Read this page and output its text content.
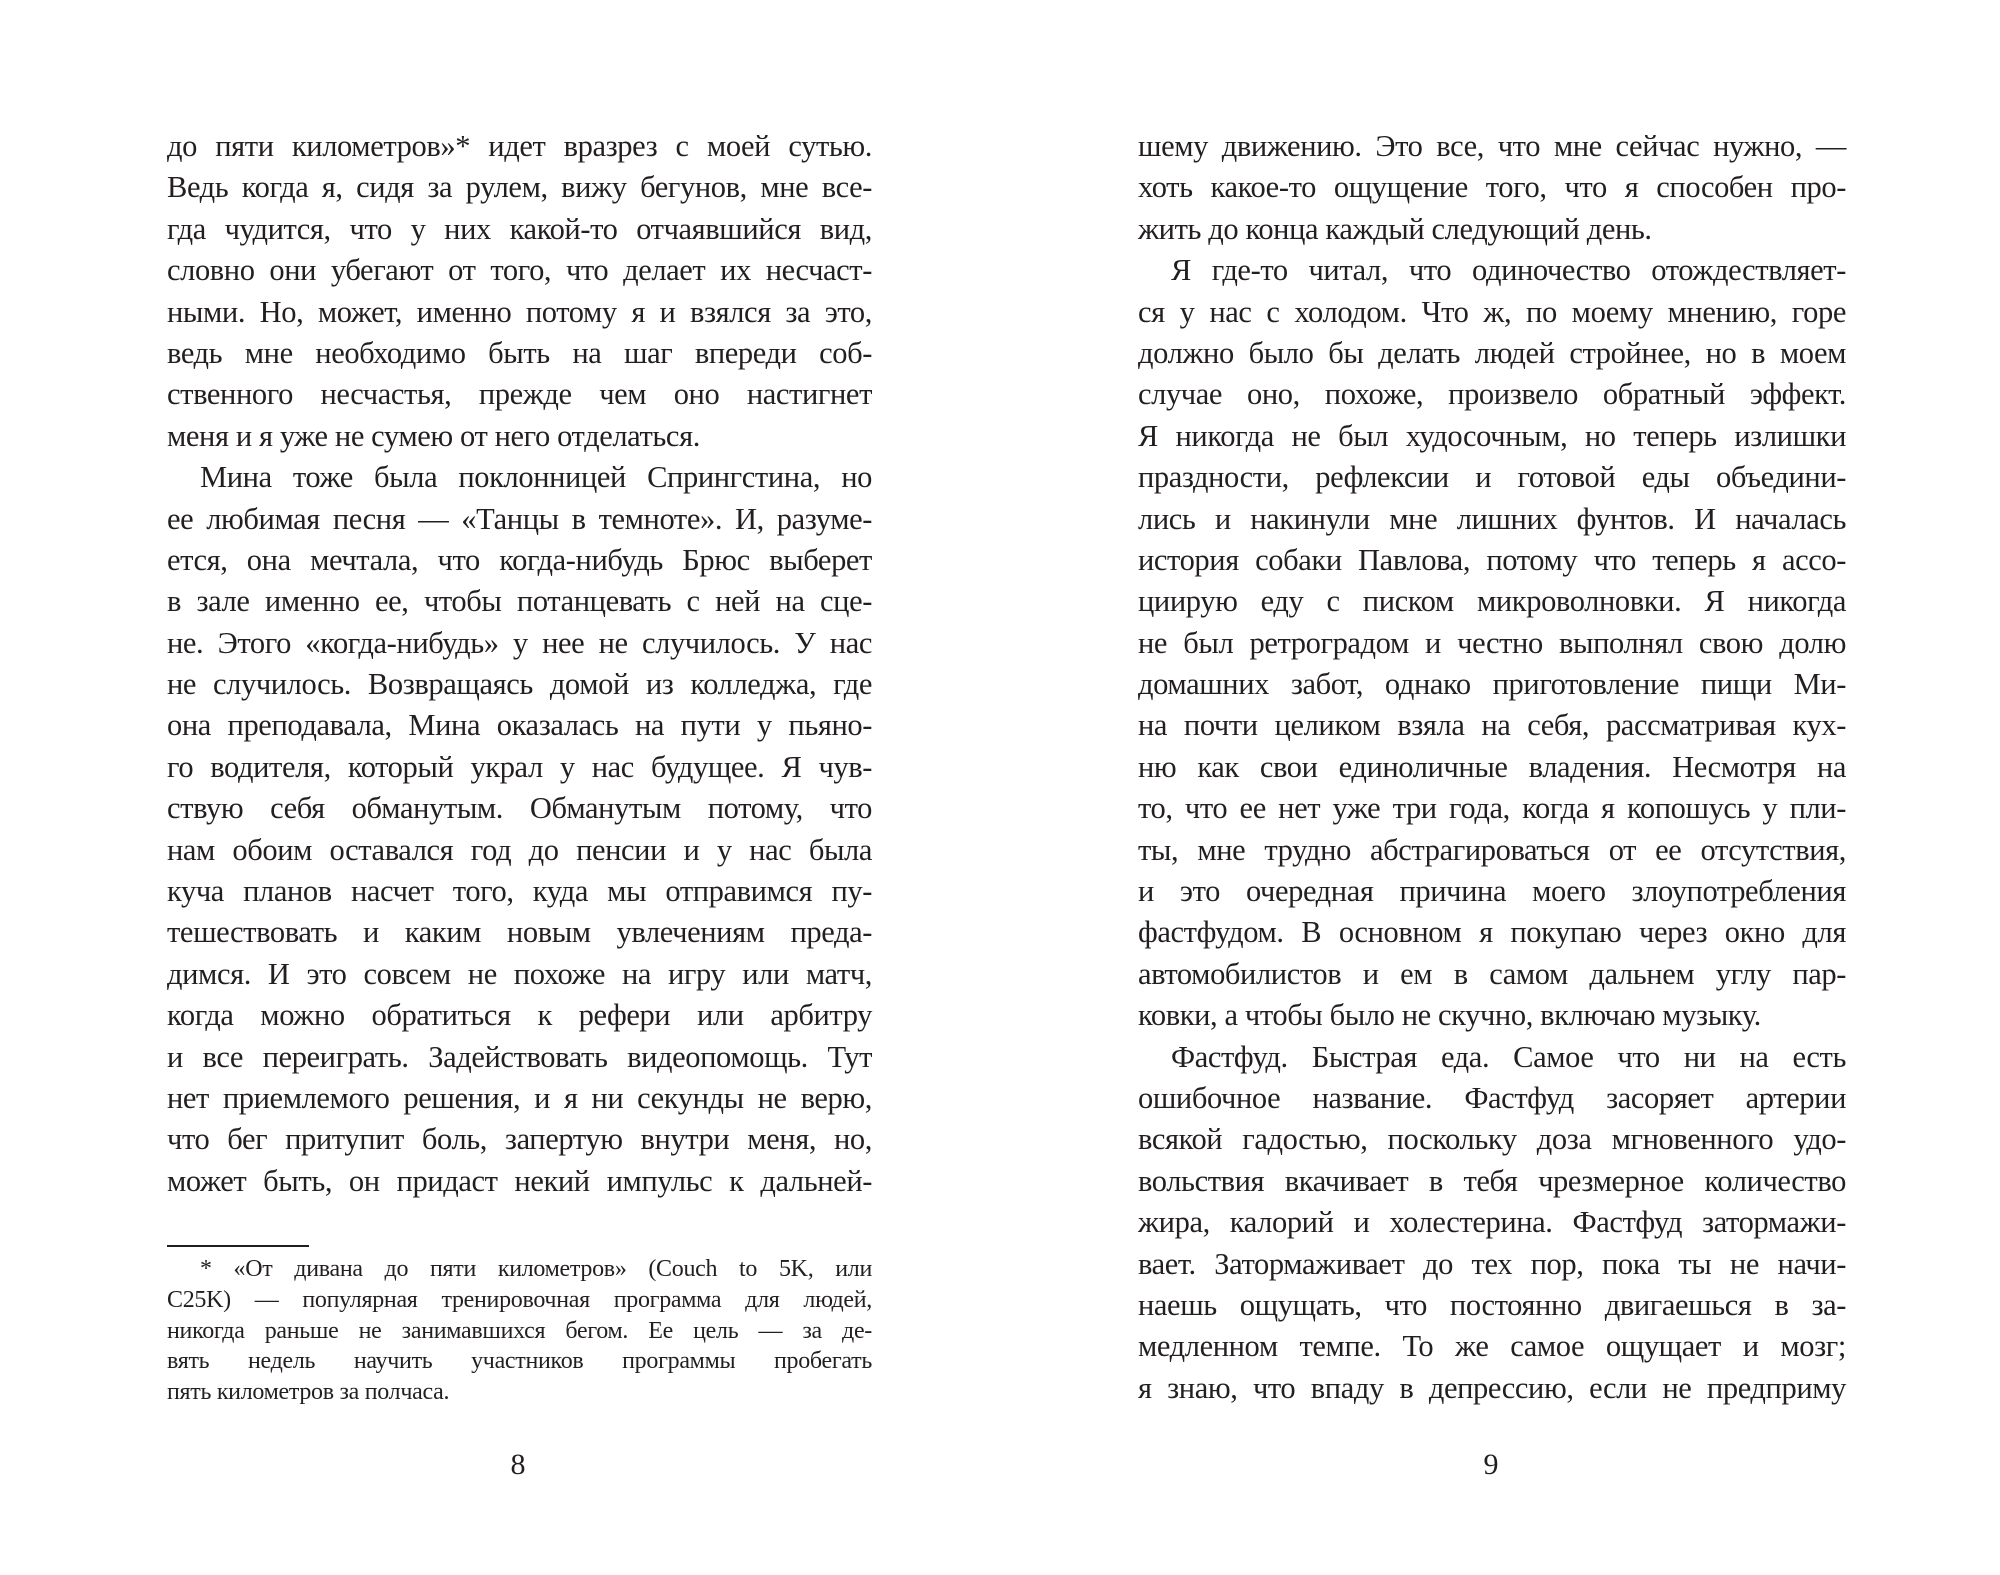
до пяти километров»* идет вразрез с моей сутью.
Ведь когда я, сидя за рулем, вижу бегунов, мне все-
гда чудится, что у них какой-то отчаявшийся вид,
словно они убегают от того, что делает их несчаст-
ными. Но, может, именно потому я и взялся за это,
ведь мне необходимо быть на шаг впереди соб-
ственного несчастья, прежде чем оно настигнет
меня и я уже не сумею от него отделаться.
Мина тоже была поклонницей Спрингстина, но
ее любимая песня — «Танцы в темноте». И, разуме-
ется, она мечтала, что когда-нибудь Брюс выберет
в зале именно ее, чтобы потанцевать с ней на сце-
не. Этого «когда-нибудь» у нее не случилось. У нас
не случилось. Возвращаясь домой из колледжа, где
она преподавала, Мина оказалась на пути у пьяно-
го водителя, который украл у нас будущее. Я чув-
ствую себя обманутым. Обманутым потому, что
нам обоим оставался год до пенсии и у нас была
куча планов насчет того, куда мы отправимся пу-
тешествовать и каким новым увлечениям преда-
димся. И это совсем не похоже на игру или матч,
когда можно обратиться к рефери или арбитру
и все переиграть. Задействовать видеопомощь. Тут
нет приемлемого решения, и я ни секунды не верю,
что бег притупит боль, запертую внутри меня, но,
может быть, он придаст некий импульс к дальней-
* «От дивана до пяти километров» (Couch to 5K, или
C25K) — популярная тренировочная программа для людей,
никогда раньше не занимавшихся бегом. Ее цель — за де-
вять недель научить участников программы пробегать
пять километров за полчаса.
8
шему движению. Это все, что мне сейчас нужно, —
хоть какое-то ощущение того, что я способен про-
жить до конца каждый следующий день.
Я где-то читал, что одиночество отождествляет-
ся у нас с холодом. Что ж, по моему мнению, горе
должно было бы делать людей стройнее, но в моем
случае оно, похоже, произвело обратный эффект.
Я никогда не был худосочным, но теперь излишки
праздности, рефлексии и готовой еды объедини-
лись и накинули мне лишних фунтов. И началась
история собаки Павлова, потому что теперь я ассо-
циирую еду с писком микроволновки. Я никогда
не был ретроградом и честно выполнял свою долю
домашних забот, однако приготовление пищи Ми-
на почти целиком взяла на себя, рассматривая кух-
ню как свои единоличные владения. Несмотря на
то, что ее нет уже три года, когда я копошусь у пли-
ты, мне трудно абстрагироваться от ее отсутствия,
и это очередная причина моего злоупотребления
фастфудом. В основном я покупаю через окно для
автомобилистов и ем в самом дальнем углу пар-
ковки, а чтобы было не скучно, включаю музыку.
Фастфуд. Быстрая еда. Самое что ни на есть
ошибочное название. Фастфуд засоряет артерии
всякой гадостью, поскольку доза мгновенного удо-
вольствия вкачивает в тебя чрезмерное количество
жира, калорий и холестерина. Фастфуд затормажи-
вает. Затормаживает до тех пор, пока ты не начи-
наешь ощущать, что постоянно двигаешься в за-
медленном темпе. То же самое ощущает и мозг;
я знаю, что впаду в депрессию, если не предприму
9
